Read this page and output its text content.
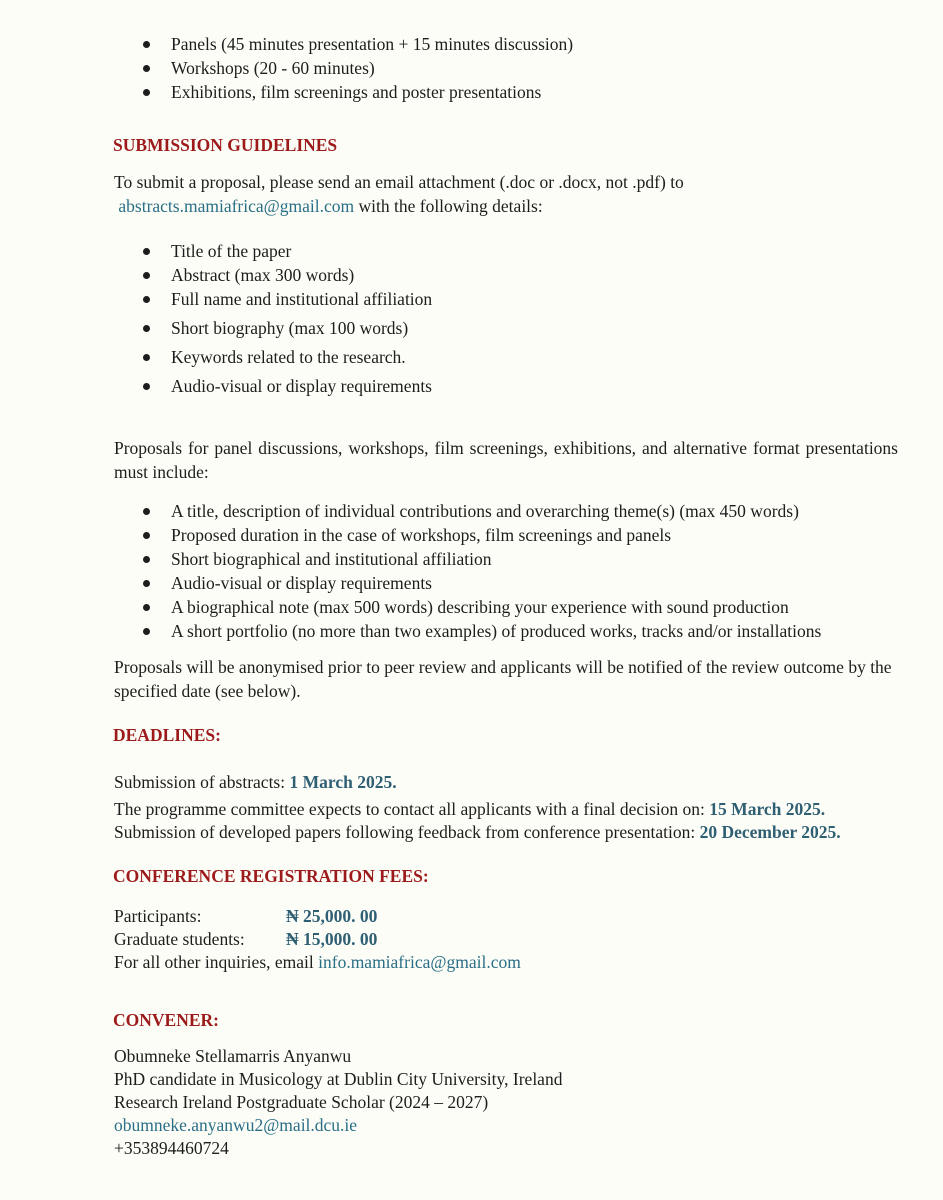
Panels (45 minutes presentation + 15 minutes discussion)
Workshops (20 - 60 minutes)
Exhibitions, film screenings and poster presentations
SUBMISSION GUIDELINES
To submit a proposal, please send an email attachment (.doc or .docx, not .pdf) to
abstracts.mamiafrica@gmail.com with the following details:
Title of the paper
Abstract (max 300 words)
Full name and institutional affiliation
Short biography (max 100 words)
Keywords related to the research.
Audio-visual or display requirements
Proposals for panel discussions, workshops, film screenings, exhibitions, and alternative format presentations must include:
A title, description of individual contributions and overarching theme(s) (max 450 words)
Proposed duration in the case of workshops, film screenings and panels
Short biographical and institutional affiliation
Audio-visual or display requirements
A biographical note (max 500 words) describing your experience with sound production
A short portfolio (no more than two examples) of produced works, tracks and/or installations
Proposals will be anonymised prior to peer review and applicants will be notified of the review outcome by the specified date (see below).
DEADLINES:
Submission of abstracts: 1 March 2025.
The programme committee expects to contact all applicants with a final decision on: 15 March 2025.
Submission of developed papers following feedback from conference presentation: 20 December 2025.
CONFERENCE REGISTRATION FEES:
Participants:	₦ 25,000. 00
Graduate students: ₦ 15,000. 00
For all other inquiries, email info.mamiafrica@gmail.com
CONVENER:
Obumneke Stellamarris Anyanwu
PhD candidate in Musicology at Dublin City University, Ireland
Research Ireland Postgraduate Scholar (2024 – 2027)
obumneke.anyanwu2@mail.dcu.ie
+353894460724
